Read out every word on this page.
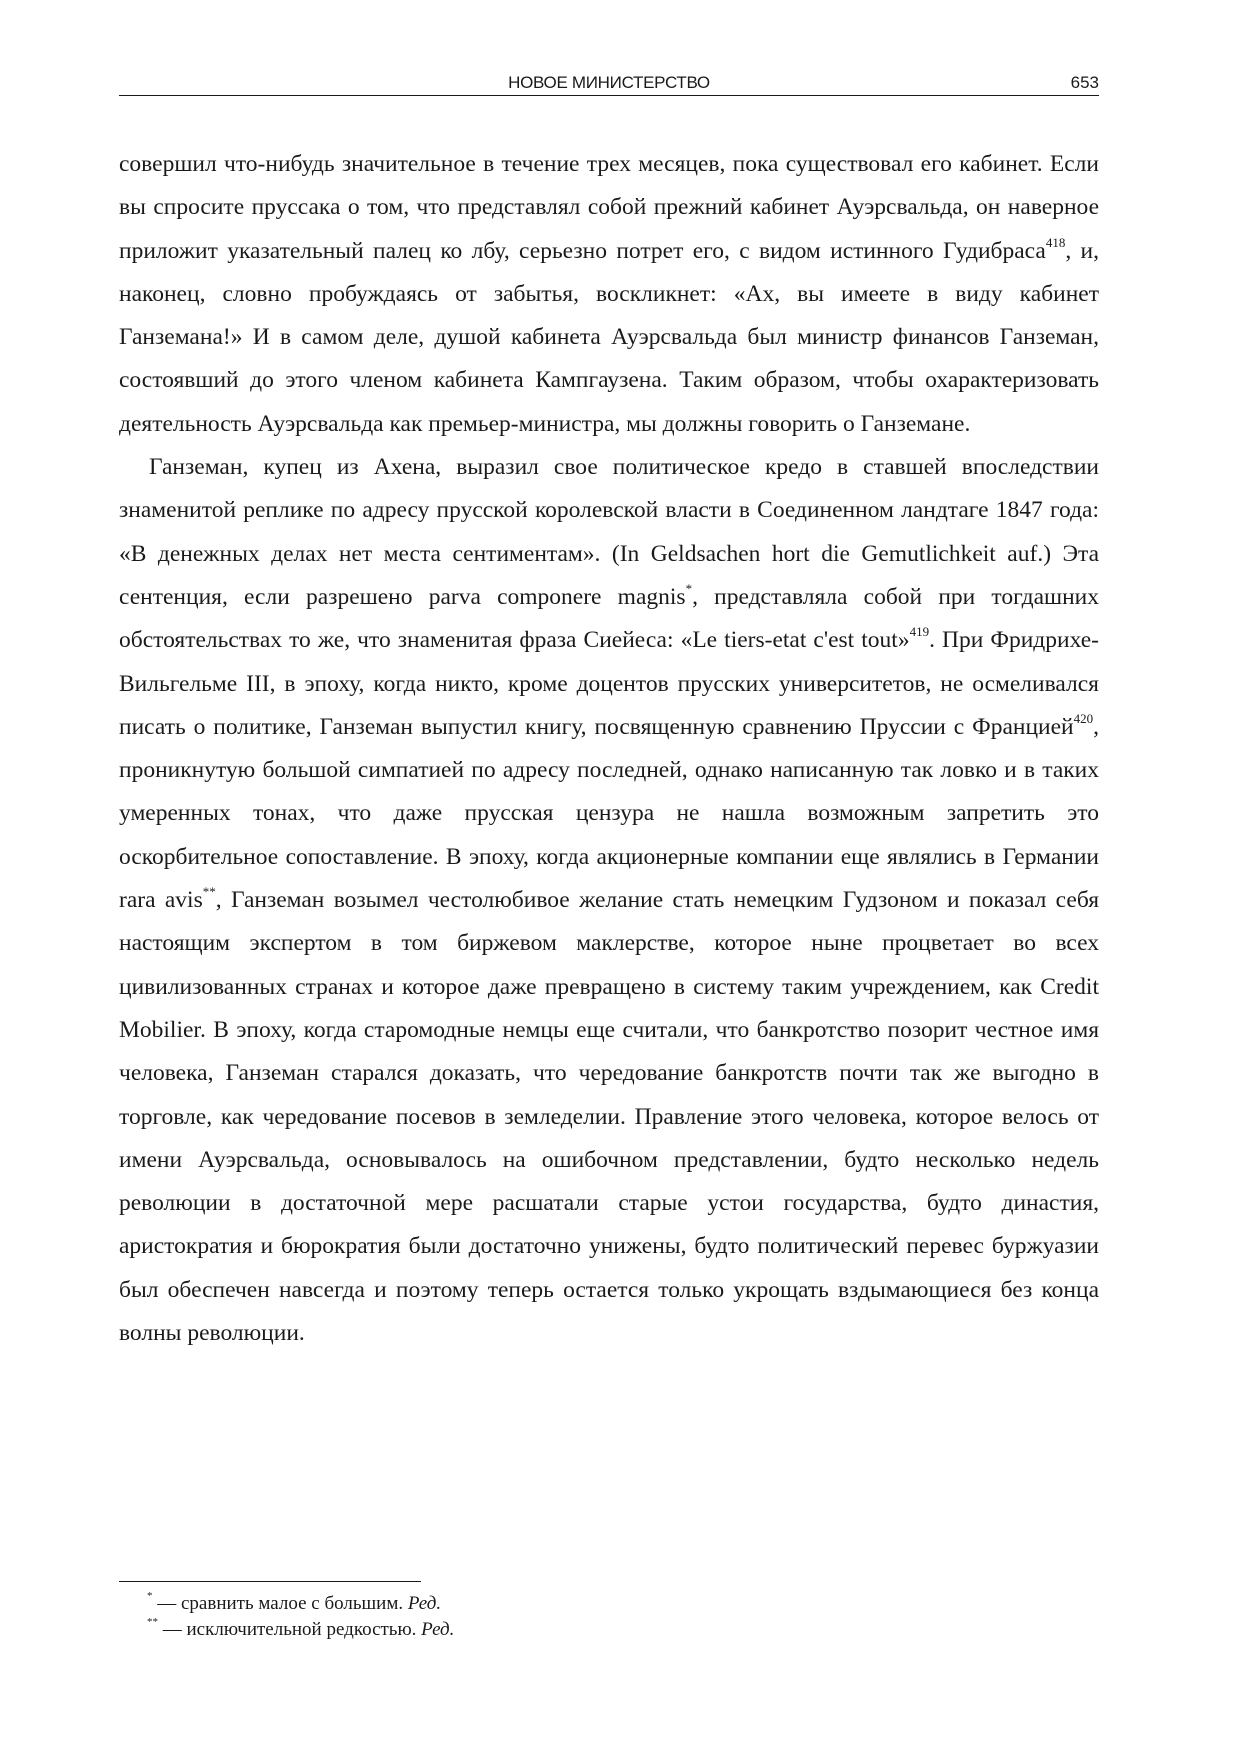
НОВОЕ МИНИСТЕРСТВО	653

совершил что-нибудь значительное в течение трех месяцев, пока существовал его кабинет. Если вы спросите пруссака о том, что представлял собой прежний кабинет Ауэрсвальда, он наверное приложит указательный палец ко лбу, серьезно потрет его, с видом истинного Гудибраса$^{418}$, и, наконец, словно пробуждаясь от забытья, воскликнет: «Ах, вы имеете в виду кабинет Ганземана!» И в самом деле, душой кабинета Ауэрсвальда был министр финансов Ганземан, состоявший до этого членом кабинета Кампгаузена. Таким образом, чтобы охарактеризовать деятельность Ауэрсвальда как премьер-министра, мы должны говорить о Ганземане.

Ганземан, купец из Ахена, выразил свое политическое кредо в ставшей впоследствии знаменитой реплике по адресу прусской королевской власти в Соединенном ландтаге 1847 года: «В денежных делах нет места сентиментам». (In Geldsachen hort die Gemutlichkeit auf.) Эта сентенция, если разрешено parva componere magnis*, представляла собой при тогдашних обстоятельствах то же, что знаменитая фраза Сиейеса: «Le tiers-etat c'est tout»$^{419}$. При Фридрихе-Вильгельме III, в эпоху, когда никто, кроме доцентов прусских университетов, не осмеливался писать о политике, Ганземан выпустил книгу, посвященную сравнению Пруссии с Францией$^{420}$, проникнутую большой симпатией по адресу последней, однако написанную так ловко и в таких умеренных тонах, что даже прусская цензура не нашла возможным запретить это оскорбительное сопоставление. В эпоху, когда акционерные компании еще являлись в Германии rara avis**, Ганземан возымел честолюбивое желание стать немецким Гудзоном и показал себя настоящим экспертом в том биржевом маклерстве, которое ныне процветает во всех цивилизованных странах и которое даже превращено в систему таким учреждением, как Credit Mobilier. В эпоху, когда старомодные немцы еще считали, что банкротство позорит честное имя человека, Ганземан старался доказать, что чередование банкротств почти так же выгодно в торговле, как чередование посевов в земледелии. Правление этого человека, которое велось от имени Ауэрсвальда, основывалось на ошибочном представлении, будто несколько недель революции в достаточной мере расшатали старые устои государства, будто династия, аристократия и бюрократия были достаточно унижены, будто политический перевес буржуазии был обеспечен навсегда и поэтому теперь остается только укрощать вздымающиеся без конца волны революции.

* — сравнить малое с большим. Ред.
** — исключительной редкостью. Ред.
